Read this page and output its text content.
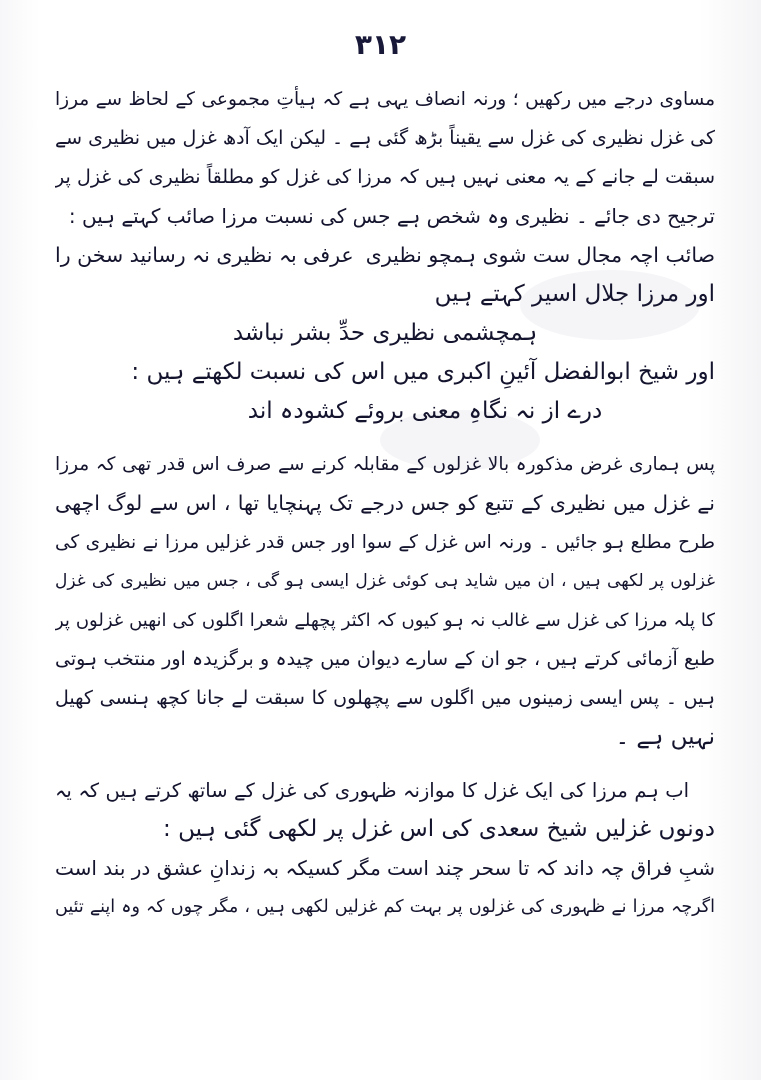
۳۱۲
مساوی درجے میں رکھیں ؛ ورنہ انصاف یہی ہے کہ ہیأتِ مجموعی کے لحاظ سے مرزا
کی غزل نظیری کی غزل سے یقیناً بڑھ گئی ہے ۔ لیکن ایک آدھ غزل میں نظیری سے
سبقت لے جانے کے یہ معنی نہیں ہیں کہ مرزا کی غزل کو مطلقاً نظیری کی غزل پر
ترجیح دی جائے ۔ نظیری وہ شخص ہے جس کی نسبت مرزا صائب کہتے ہیں :
صائب اچہ مجال ست شوی ہمچو نظیری
عرفی بہ نظیری نہ رسانید سخن را
اور مرزا جلال اسیر کہتے ہیں
ہمچشمی نظیری حدِّ بشر نباشد
اور شیخ ابوالفضل آئینِ اکبری میں اس کی نسبت لکھتے ہیں :
درے از نہ نگاہِ معنی بروئے کشودہ اند
پس ہماری غرض مذکورہ بالا غزلوں کے مقابلہ کرنے سے صرف اس قدر تھی کہ مرزا
نے غزل میں نظیری کے تتبع کو جس درجے تک پہنچایا تھا ، اس سے لوگ اچھی
طرح مطلع ہو جائیں ۔ ورنہ اس غزل کے سوا اور جس قدر غزلیں مرزا نے نظیری کی
غزلوں پر لکھی ہیں ، ان میں شاید ہی کوئی غزل ایسی ہو گی ، جس میں نظیری کی غزل
کا پلہ مرزا کی غزل سے غالب نہ ہو کیوں کہ اکثر پچھلے شعرا اگلوں کی انھیں غزلوں پر
طبع آزمائی کرتے ہیں ، جو ان کے سارے دیوان میں چیدہ و برگزیدہ اور منتخب ہوتی
ہیں ۔ پس ایسی زمینوں میں اگلوں سے پچھلوں کا سبقت لے جانا کچھ ہنسی کھیل
نہیں ہے ۔
اب ہم مرزا کی ایک غزل کا موازنہ ظہوری کی غزل کے ساتھ کرتے ہیں کہ یہ
دونوں غزلیں شیخ سعدی کی اس غزل پر لکھی گئی ہیں :
شبِ فراق چہ داند کہ تا سحر چند است
مگر کسیکہ بہ زندانِ عشق در بند است
اگرچہ مرزا نے ظہوری کی غزلوں پر بہت کم غزلیں لکھی ہیں ، مگر چوں کہ وہ اپنے تئیں
